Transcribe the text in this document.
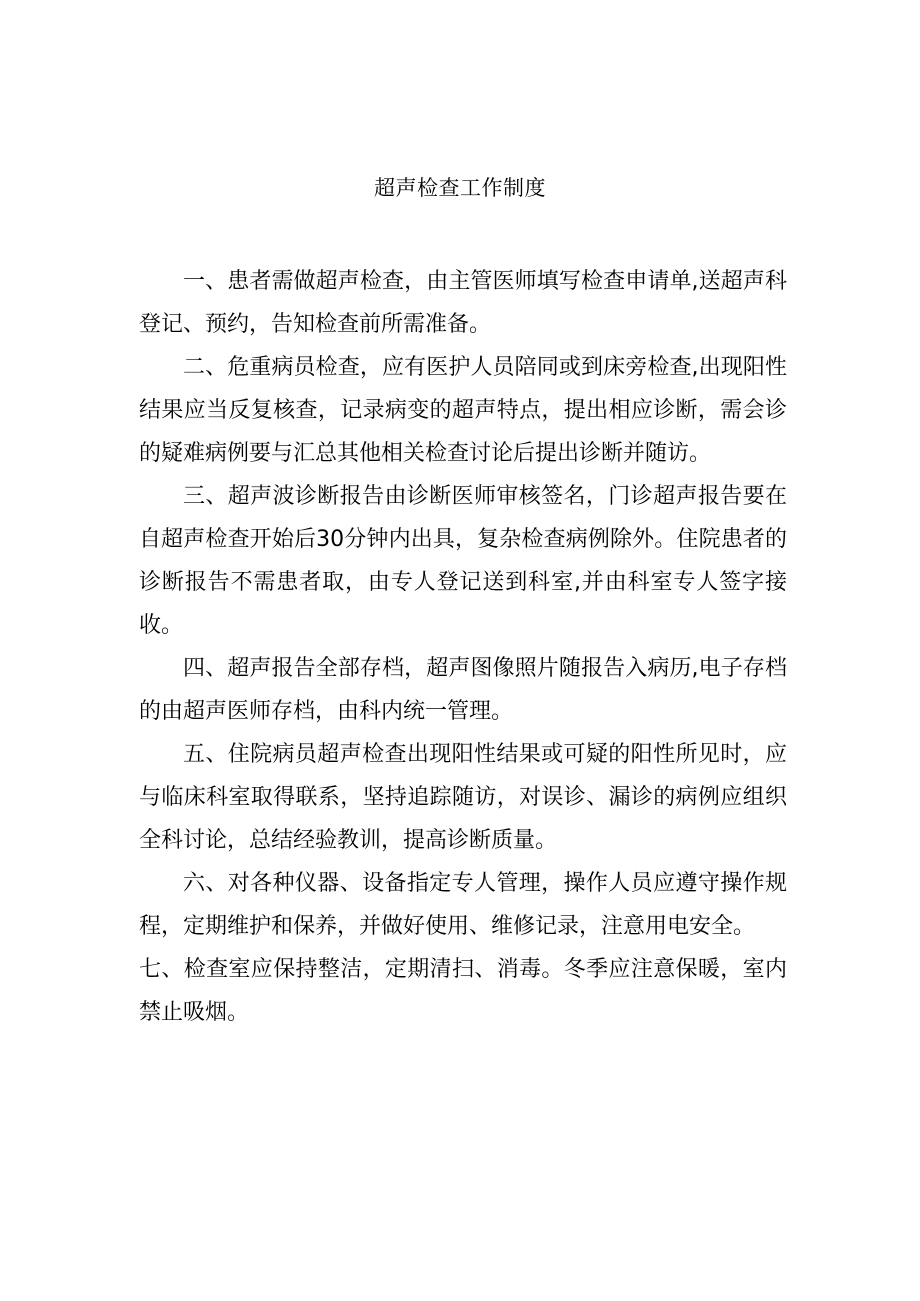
超声检查工作制度

一、患者需做超声检查，由主管医师填写检查申请单,送超声科登记、预约，告知检查前所需准备。

二、危重病员检查，应有医护人员陪同或到床旁检查,出现阳性结果应当反复核查，记录病变的超声特点，提出相应诊断，需会诊的疑难病例要与汇总其他相关检查讨论后提出诊断并随访。

三、超声波诊断报告由诊断医师审核签名，门诊超声报告要在自超声检查开始后30分钟内出具，复杂检查病例除外。住院患者的诊断报告不需患者取，由专人登记送到科室,并由科室专人签字接收。

四、超声报告全部存档，超声图像照片随报告入病历,电子存档的由超声医师存档，由科内统一管理。

五、住院病员超声检查出现阳性结果或可疑的阳性所见时，应与临床科室取得联系，坚持追踪随访，对误诊、漏诊的病例应组织全科讨论，总结经验教训，提高诊断质量。

六、对各种仪器、设备指定专人管理，操作人员应遵守操作规程，定期维护和保养，并做好使用、维修记录，注意用电安全。

七、检查室应保持整洁，定期清扫、消毒。冬季应注意保暖，室内禁止吸烟。
